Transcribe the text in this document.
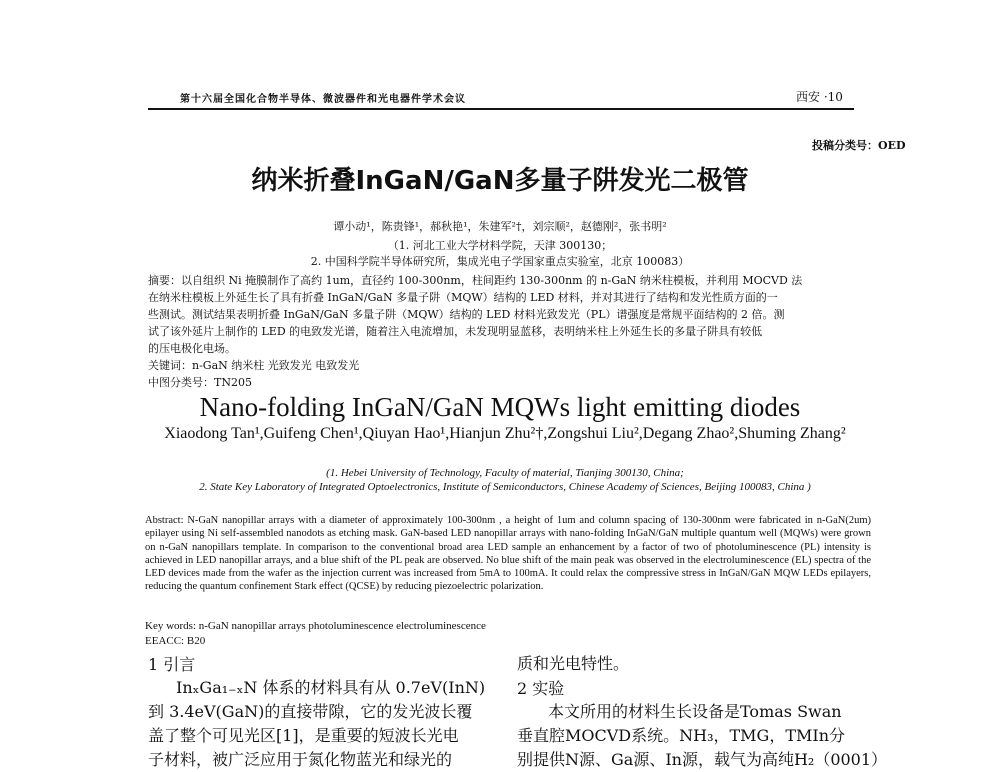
第十六届全国化合物半导体、微波器件和光电器件学术会议	西安 ·10
投稿分类号：OED
纳米折叠InGaN/GaN多量子阱发光二极管
谭小动¹，陈贵锋¹，郝秋艳¹，朱建军²†，刘宗顺²，赵德刚²，张书明²
（1. 河北工业大学材料学院，天津 300130；
2. 中国科学院半导体研究所，集成光电子学国家重点实验室，北京 100083）
摘要：以自组织 Ni 掩膜制作了高约 1um，直径约 100-300nm，柱间距约 130-300nm 的 n-GaN 纳米柱模板，并利用 MOCVD 法
在纳米柱模板上外延生长了具有折叠 InGaN/GaN 多量子阱（MQW）结构的 LED 材料，并对其进行了结构和发光性质方面的一
些测试。测试结果表明折叠 InGaN/GaN 多量子阱（MQW）结构的 LED 材料光致发光（PL）谱强度是常规平面结构的 2 倍。测
试了该外延片上制作的 LED 的电致发光谱，随着注入电流增加，未发现明显蓝移，表明纳米柱上外延生长的多量子阱具有较低
的压电极化电场。
关键词：n-GaN 纳米柱 光致发光 电致发光
中图分类号：TN205
Nano-folding InGaN/GaN MQWs light emitting diodes
Xiaodong Tan¹,Guifeng Chen¹,Qiuyan Hao¹,Hianjun Zhu²†,Zongshui Liu²,Degang Zhao²,Shuming Zhang²
(1. Hebei University of Technology, Faculty of material, Tianjing 300130, China;
2. State Key Laboratory of Integrated Optoelectronics, Institute of Semiconductors, Chinese Academy of Sciences, Beijing 100083, China )
Abstract: N-GaN nanopillar arrays with a diameter of approximately 100-300nm , a height of 1um and column spacing of 130-300nm were fabricated in n-GaN(2um) epilayer using Ni self-assembled nanodots as etching mask. GaN-based LED nanopillar arrays with nano-folding InGaN/GaN multiple quantum well (MQWs) were grown on n-GaN nanopillars template. In comparison to the conventional broad area LED sample an enhancement by a factor of two of photoluminescence (PL) intensity is achieved in LED nanopillar arrays, and a blue shift of the PL peak are observed. No blue shift of the main peak was observed in the electroluminescence (EL) spectra of the LED devices made from the wafer as the injection current was increased from 5mA to 100mA. It could relax the compressive stress in InGaN/GaN MQW LEDs epilayers, reducing the quantum confinement Stark effect (QCSE) by reducing piezoelectric polarization.
Key words: n-GaN nanopillar arrays photoluminescence electroluminescence
EEACC: B20
1 引言
InₓGa₁₋ₓN 体系的材料具有从 0.7eV(InN)
到 3.4eV(GaN)的直接带隙，它的发光波长覆
盖了整个可见光区[1]，是重要的短波长光电
子材料，被广泛应用于氮化物蓝光和绿光的
质和光电特性。
2 实验
本文所用的材料生长设备是Tomas Swan
垂直腔MOCVD系统。NH₃，TMG，TMIn分
别提供N源、Ga源、In源，载气为高纯H₂（0001）
